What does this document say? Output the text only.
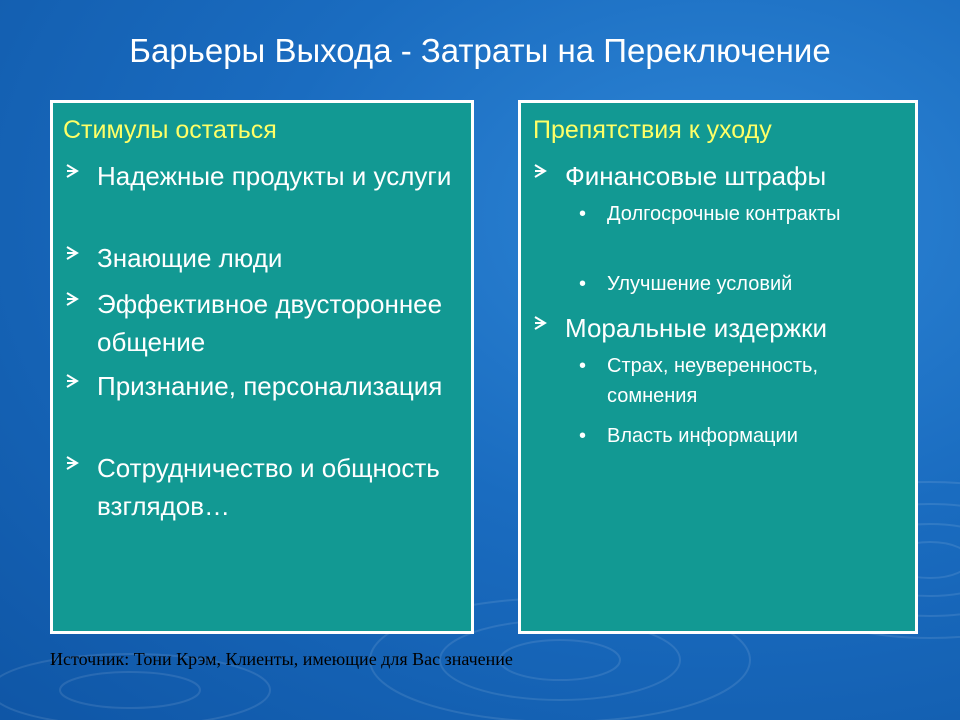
Барьеры Выхода - Затраты на Переключение
Стимулы остаться
Надежные продукты и услуги
Знающие люди
Эффективное двустороннее общение
Признание, персонализация
Сотрудничество и общность взглядов…
Препятствия к уходу
Финансовые штрафы
• Долгосрочные контракты
• Улучшение условий
Моральные издержки
• Страх, неуверенность, сомнения
• Власть информации
Источник: Тони Крэм, Клиенты, имеющие для Вас значение
